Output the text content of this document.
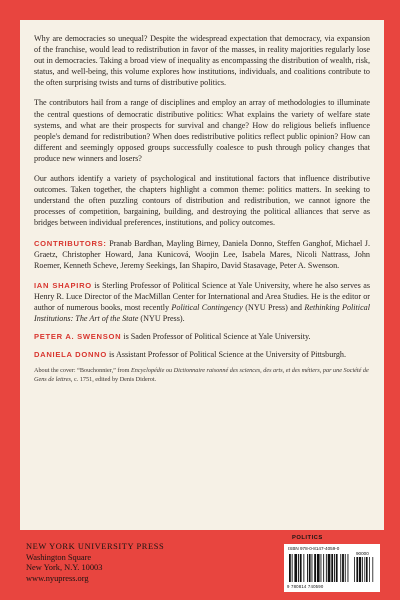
Why are democracies so unequal? Despite the widespread expectation that democracy, via expansion of the franchise, would lead to redistribution in favor of the masses, in reality majorities regularly lose out in democracies. Taking a broad view of inequality as encompassing the distribution of wealth, risk, status, and well-being, this volume explores how institutions, individuals, and coalitions contribute to the often surprising twists and turns of distributive politics.

The contributors hail from a range of disciplines and employ an array of methodologies to illuminate the central questions of democratic distributive politics: What explains the variety of welfare state systems, and what are their prospects for survival and change? How do religious beliefs influence people's demand for redistribution? When does redistributive politics reflect public opinion? How can different and seemingly opposed groups successfully coalesce to push through policy changes that produce new winners and losers?

Our authors identify a variety of psychological and institutional factors that influence distributive outcomes. Taken together, the chapters highlight a common theme: politics matters. In seeking to understand the often puzzling contours of distribution and redistribution, we cannot ignore the processes of competition, bargaining, building, and destroying the political alliances that serve as bridges between individual preferences, institutions, and policy outcomes.

CONTRIBUTORS: Pranab Bardhan, Mayling Birney, Daniela Donno, Steffen Ganghof, Michael J. Graetz, Christopher Howard, Jana Kunicová, Woojin Lee, Isabela Mares, Nicoli Nattrass, John Roemer, Kenneth Scheve, Jeremy Seekings, Ian Shapiro, David Stasavage, Peter A. Swenson.

IAN SHAPIRO is Sterling Professor of Political Science at Yale University, where he also serves as Henry R. Luce Director of the MacMillan Center for International and Area Studies. He is the editor or author of numerous books, most recently Political Contingency (NYU Press) and Rethinking Political Institutions: The Art of the State (NYU Press).

PETER A. SWENSON is Saden Professor of Political Science at Yale University.

DANIELA DONNO is Assistant Professor of Political Science at the University of Pittsburgh.

About the cover: “Bouchonnier,” from Encyclopédie ou Dictionnaire raisonné des sciences, des arts, et des métiers, par une Société de Gens de lettres, c. 1751, edited by Denis Diderot.
NEW YORK UNIVERSITY PRESS
Washington Square
New York, N.Y. 10003
www.nyupress.org
POLITICS
ISBN 978-0-8147-4059-0
90000
9 780814 740590
